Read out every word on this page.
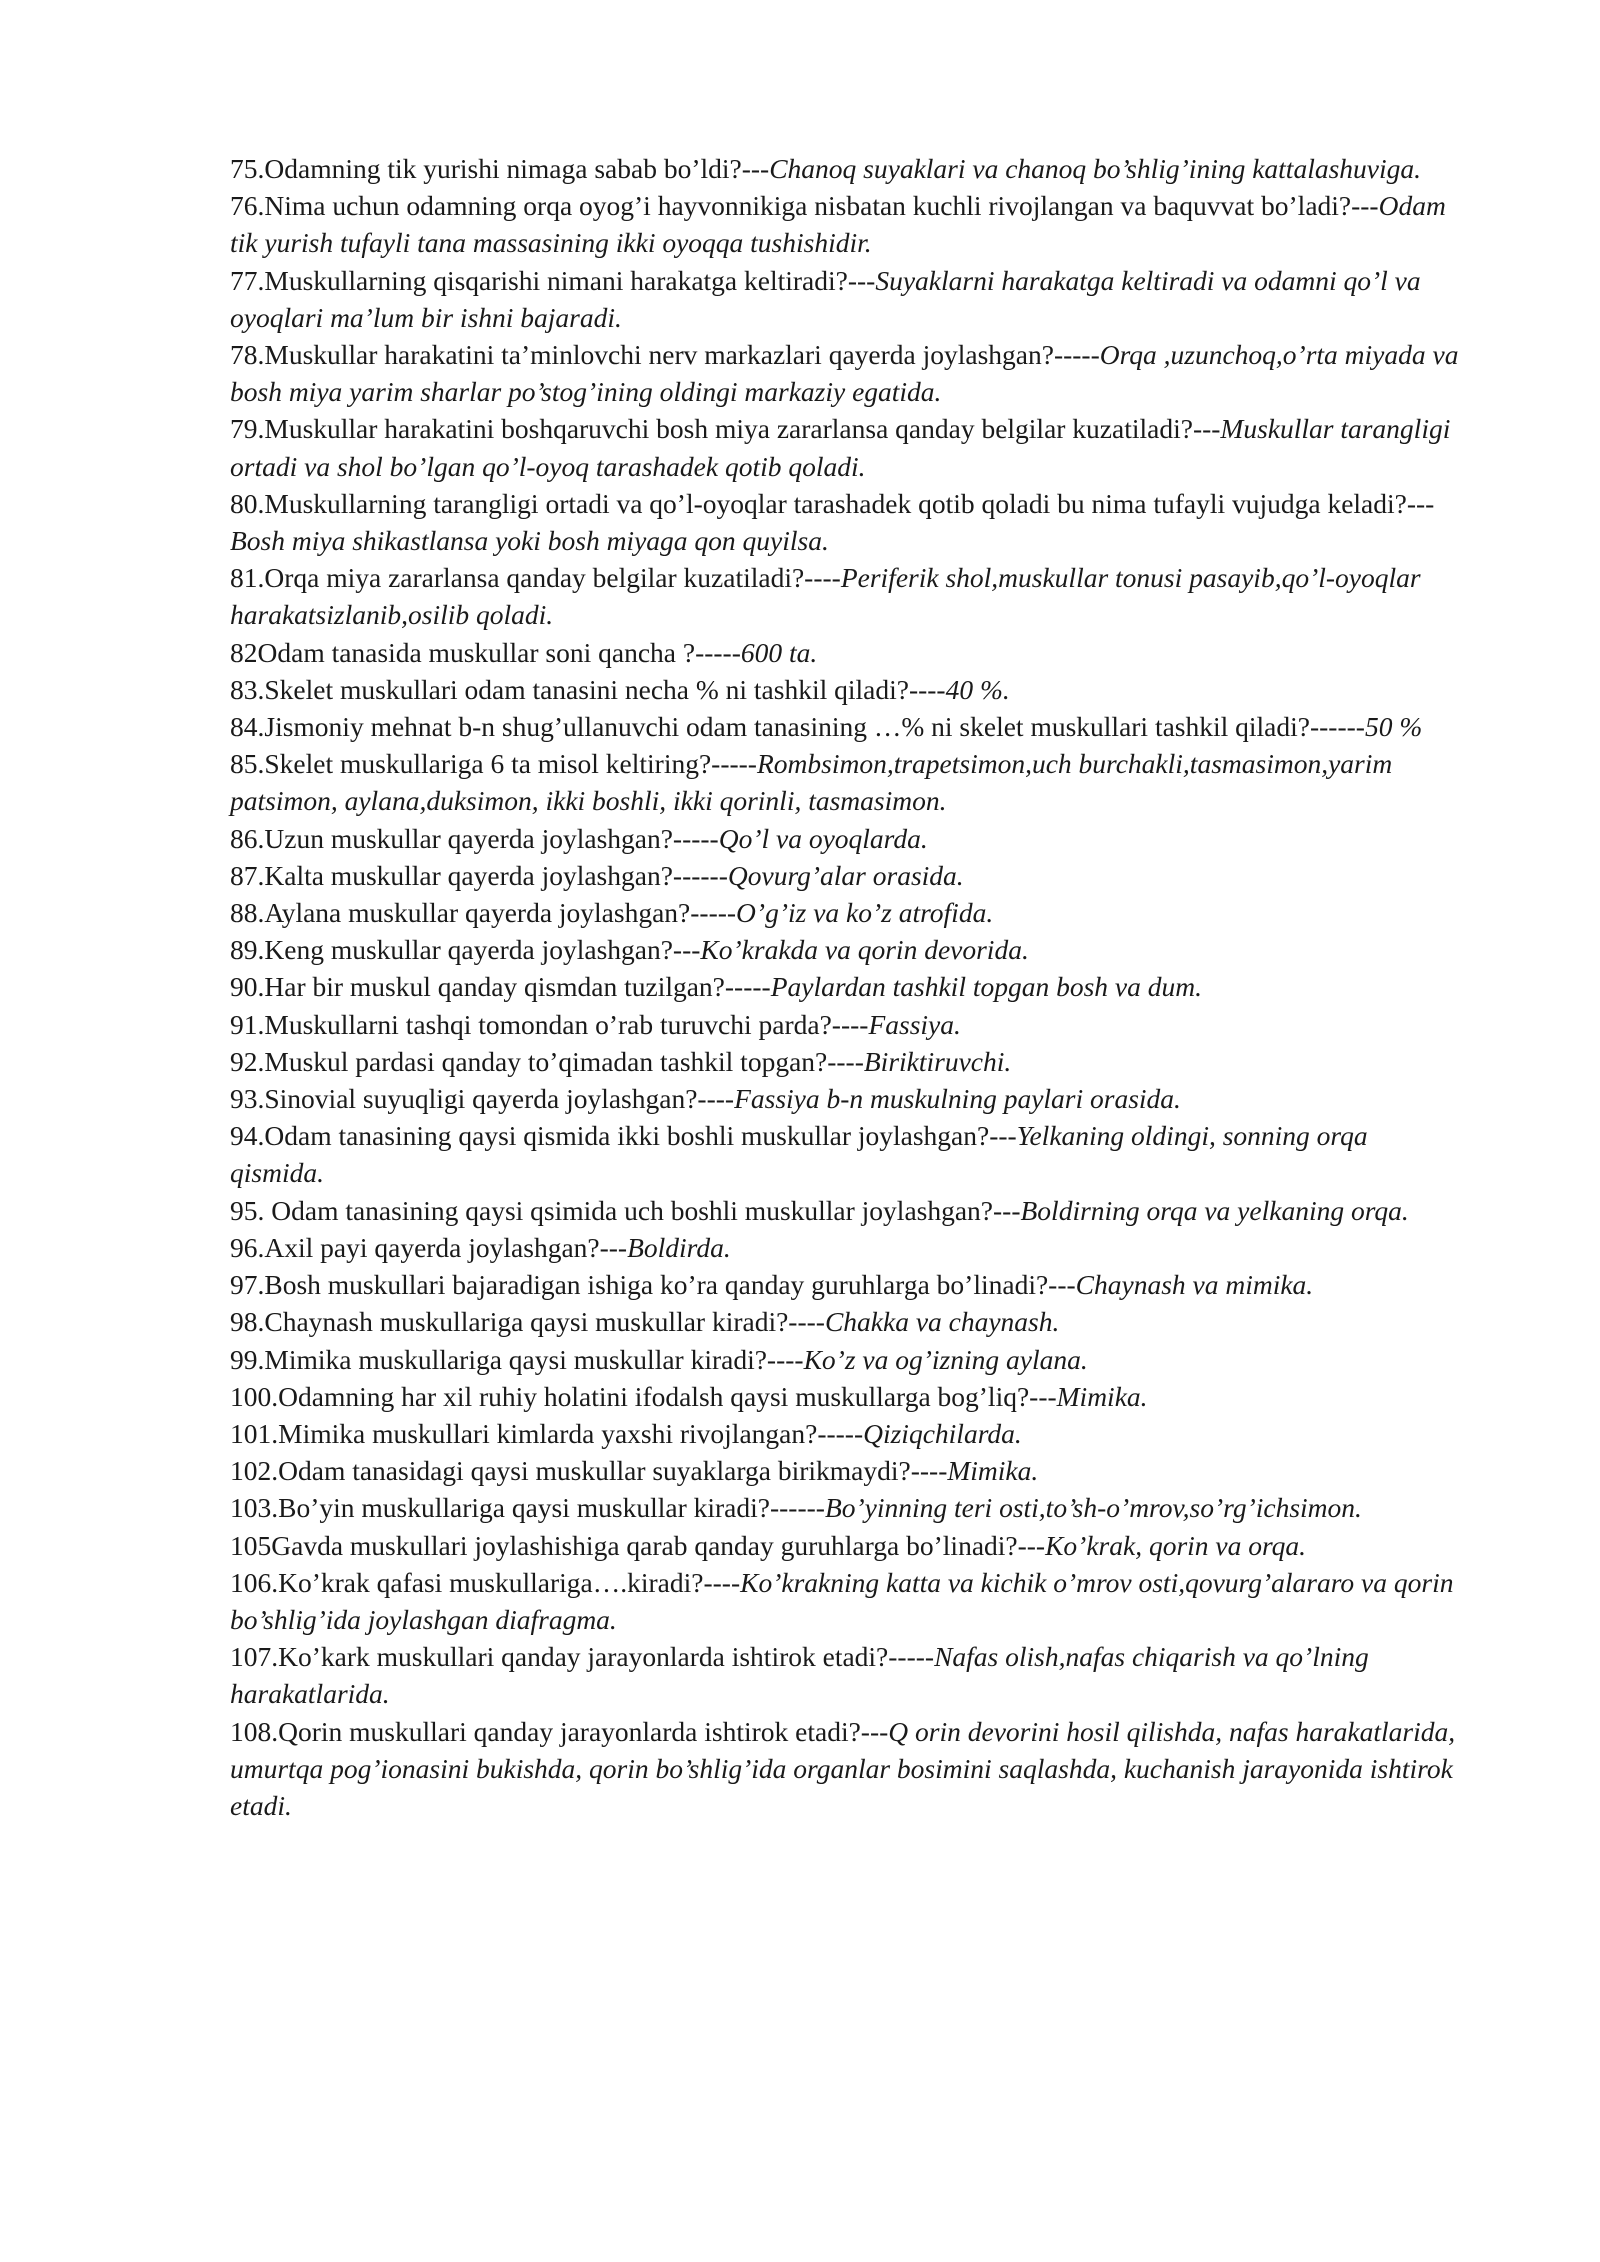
75.Odamning tik yurishi nimaga sabab bo’ldi?---Chanoq suyaklari va chanoq bo’shlig’ining kattalashuviga.

76.Nima uchun odamning orqa oyog’i hayvonnikiga nisbatan kuchli rivojlangan va baquvvat bo’ladi?---Odam tik yurish tufayli tana massasining ikki oyoqqa tushishidir.

77.Muskullarning qisqarishi nimani harakatga keltiradi?---Suyaklarni harakatga keltiradi va odamni qo’l va oyoqlari ma’lum bir ishni bajaradi.

78.Muskullar harakatini ta’minlovchi nerv markazlari qayerda joylashgan?-----Orqa ,uzunchoq,o’rta miyada va bosh miya yarim sharlar po’stog’ining oldingi markaziy egatida.

79.Muskullar harakatini boshqaruvchi bosh miya zararlansa qanday belgilar kuzatiladi?---Muskullar tarangligi ortadi va shol bo’lgan qo’l-oyoq tarashadek qotib qoladi.

80.Muskullarning tarangligi ortadi va qo’l-oyoqlar tarashadek qotib qoladi bu nima tufayli vujudga keladi?---Bosh miya shikastlansa yoki bosh miyaga qon quyilsa.

81.Orqa miya zararlansa qanday belgilar kuzatiladi?----Periferik shol,muskullar tonusi pasayib,qo’l-oyoqlar harakatsizlanib,osilib qoladi.

82Odam tanasida muskullar soni qancha ?-----600 ta.

83.Skelet muskullari odam tanasini necha % ni tashkil qiladi?----40 %.

84.Jismoniy mehnat b-n shug’ullanuvchi odam tanasining …% ni skelet muskullari tashkil qiladi?------50 %

85.Skelet muskullariga 6 ta misol keltiring?-----Rombsimon,trapetsimon,uch burchakli,tasmasimon,yarim patsimon, aylana,duksimon, ikki boshli, ikki qorinli, tasmasimon.

86.Uzun muskullar qayerda joylashgan?-----Qo’l va oyoqlarda.

87.Kalta muskullar qayerda joylashgan?------Qovurg’alar orasida.

88.Aylana muskullar qayerda joylashgan?-----O’g’iz va ko’z atrofida.

89.Keng muskullar qayerda joylashgan?---Ko’krakda va qorin devorida.

90.Har bir muskul qanday qismdan tuzilgan?-----Paylardan tashkil topgan bosh va dum.

91.Muskullarni tashqi tomondan o’rab turuvchi parda?----Fassiya.

92.Muskul pardasi qanday to’qimadan tashkil topgan?----Biriktiruvchi.

93.Sinovial suyuqligi qayerda joylashgan?----Fassiya b-n muskulning paylari orasida.

94.Odam tanasining qaysi qismida ikki boshli muskullar joylashgan?---Yelkaning oldingi, sonning orqa qismida.

95. Odam tanasining qaysi qsimida uch boshli muskullar joylashgan?---Boldirning orqa va yelkaning orqa.

96.Axil payi qayerda joylashgan?---Boldirda.

97.Bosh muskullari bajaradigan ishiga ko’ra qanday guruhlarga bo’linadi?---Chaynash va mimika.

98.Chaynash muskullariga qaysi muskullar kiradi?----Chakka va chaynash.

99.Mimika muskullariga qaysi muskullar kiradi?----Ko’z va og’izning aylana.

100.Odamning har xil ruhiy holatini ifodalsh qaysi muskullarga bog’liq?---Mimika.

101.Mimika muskullari kimlarda yaxshi rivojlangan?-----Qiziqchilarda.

102.Odam tanasidagi qaysi muskullar suyaklarga birikmaydi?----Mimika.

103.Bo’yin muskullariga qaysi muskullar kiradi?------Bo’yinning teri osti,to’sh-o’mrov,so’rg’ichsimon.

105Gavda muskullari joylashishiga qarab qanday guruhlarga bo’linadi?---Ko’krak, qorin va orqa.

106.Ko’krak qafasi muskullariga….kiradi?----Ko’krakning katta va kichik o’mrov osti,qovurg’alararo va qorin bo’shlig’ida joylashgan diafragma.

107.Ko’kark muskullari qanday jarayonlarda ishtirok etadi?-----Nafas olish,nafas chiqarish va qo’lning harakatlarida.

108.Qorin muskullari qanday jarayonlarda ishtirok etadi?---Q orin devorini hosil qilishda, nafas harakatlarida, umurtqa pog’ionasini bukishda, qorin bo’shlig’ida organlar bosimini saqlashda, kuchanish jarayonida ishtirok etadi.
